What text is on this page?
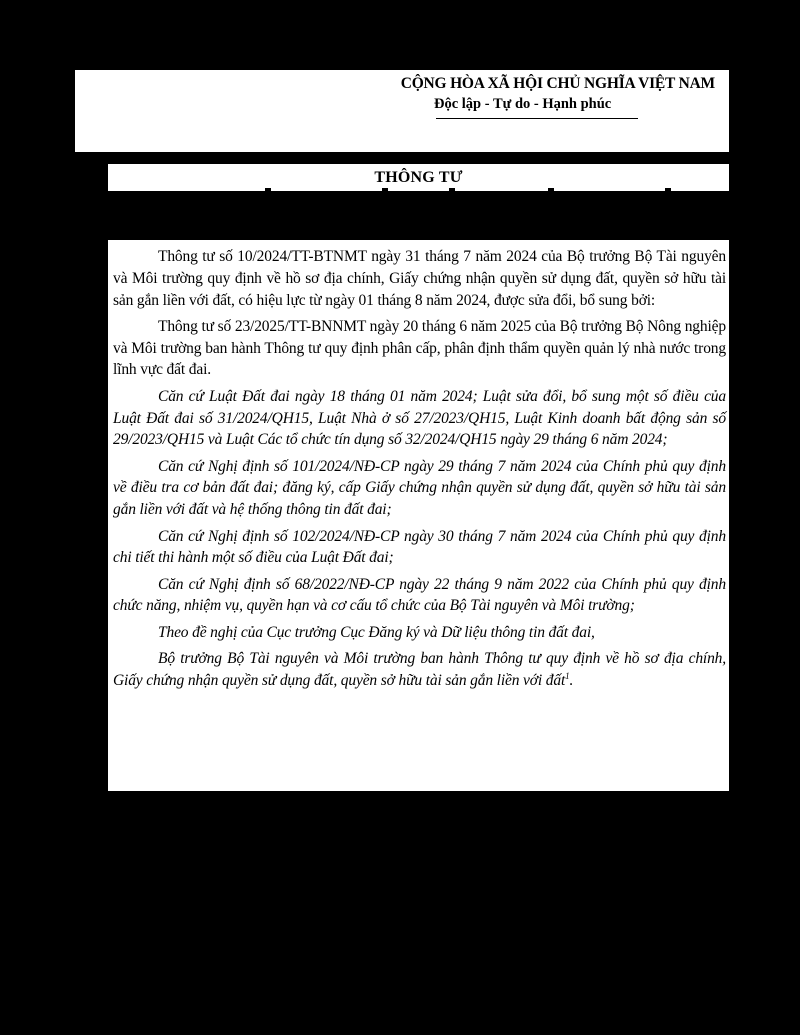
CỘNG HÒA XÃ HỘI CHỦ NGHĨA VIỆT NAM
Độc lập - Tự do - Hạnh phúc
THÔNG TƯ

Thông tư số 10/2024/TT-BTNMT ngày 31 tháng 7 năm 2024 của Bộ trưởng Bộ Tài nguyên và Môi trường quy định về hồ sơ địa chính, Giấy chứng nhận quyền sử dụng đất, quyền sở hữu tài sản gắn liền với đất, có hiệu lực từ ngày 01 tháng 8 năm 2024, được sửa đổi, bổ sung bởi:

Thông tư số 23/2025/TT-BNNMT ngày 20 tháng 6 năm 2025 của Bộ trưởng Bộ Nông nghiệp và Môi trường ban hành Thông tư quy định phân cấp, phân định thẩm quyền quản lý nhà nước trong lĩnh vực đất đai.

Căn cứ Luật Đất đai ngày 18 tháng 01 năm 2024; Luật sửa đổi, bổ sung một số điều của Luật Đất đai số 31/2024/QH15, Luật Nhà ở số 27/2023/QH15, Luật Kinh doanh bất động sản số 29/2023/QH15 và Luật Các tổ chức tín dụng số 32/2024/QH15 ngày 29 tháng 6 năm 2024;

Căn cứ Nghị định số 101/2024/NĐ-CP ngày 29 tháng 7 năm 2024 của Chính phủ quy định về điều tra cơ bản đất đai; đăng ký, cấp Giấy chứng nhận quyền sử dụng đất, quyền sở hữu tài sản gắn liền với đất và hệ thống thông tin đất đai;

Căn cứ Nghị định số 102/2024/NĐ-CP ngày 30 tháng 7 năm 2024 của Chính phủ quy định chi tiết thi hành một số điều của Luật Đất đai;

Căn cứ Nghị định số 68/2022/NĐ-CP ngày 22 tháng 9 năm 2022 của Chính phủ quy định chức năng, nhiệm vụ, quyền hạn và cơ cấu tổ chức của Bộ Tài nguyên và Môi trường;

Theo đề nghị của Cục trưởng Cục Đăng ký và Dữ liệu thông tin đất đai,

Bộ trưởng Bộ Tài nguyên và Môi trường ban hành Thông tư quy định về hồ sơ địa chính, Giấy chứng nhận quyền sử dụng đất, quyền sở hữu tài sản gắn liền với đất$^1$.
